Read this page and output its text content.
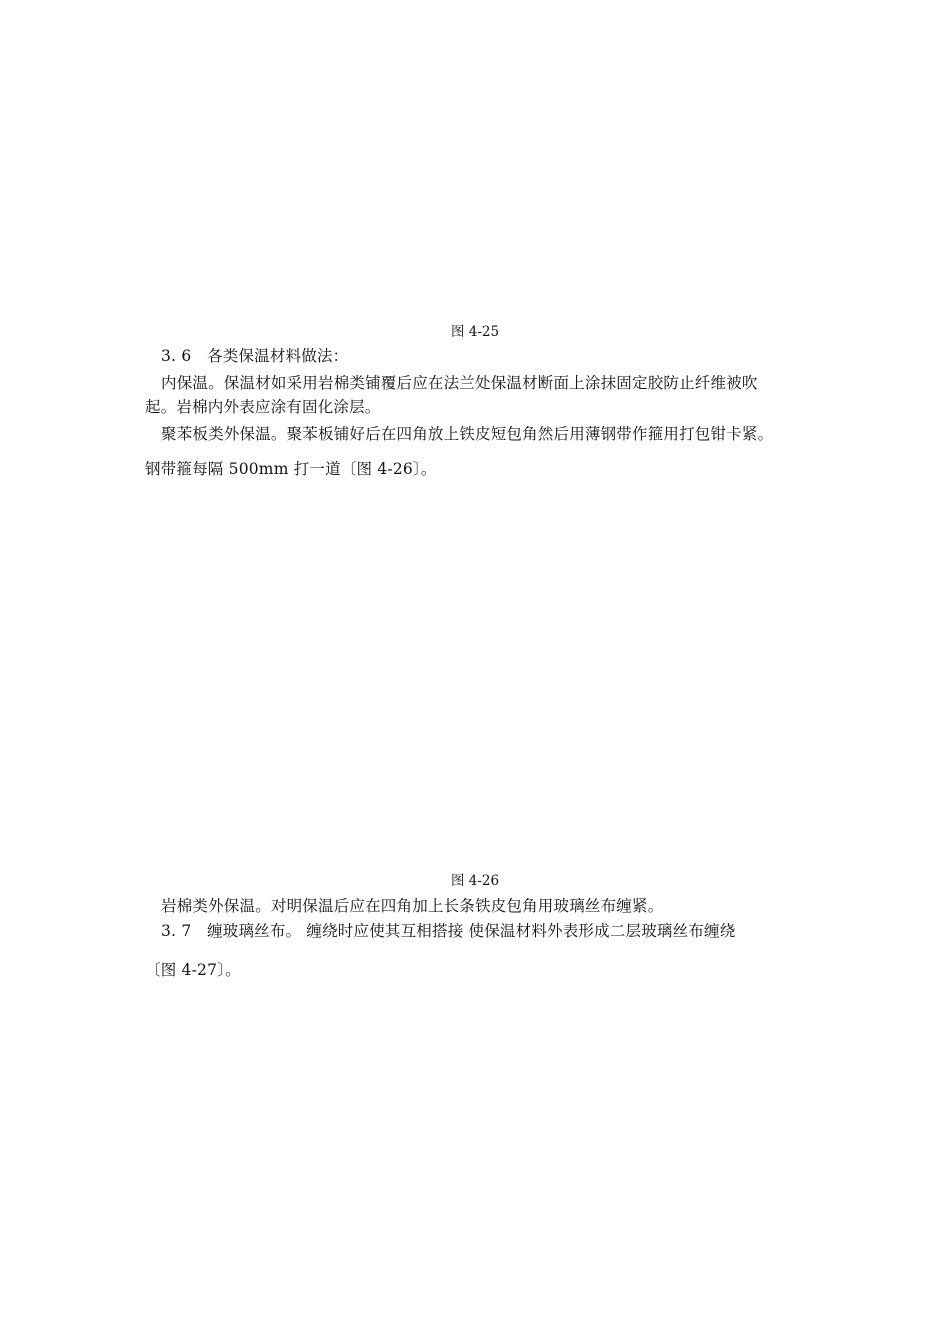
图 4-25
3. 6　各类保温材料做法：
内保温。保温材如采用岩棉类铺覆后应在法兰处保温材断面上涂抹固定胶防止纤维被吹
起。岩棉内外表应涂有固化涂层。
聚苯板类外保温。聚苯板铺好后在四角放上铁皮短包角然后用薄钢带作箍用打包钳卡紧。
钢带箍每隔 500mm 打一道〔图 4-26〕。
图 4-26
岩棉类外保温。对明保温后应在四角加上长条铁皮包角用玻璃丝布缠紧。
3. 7　缠玻璃丝布。 缠绕时应使其互相搭接 使保温材料外表形成二层玻璃丝布缠绕
〔图 4-27〕。
